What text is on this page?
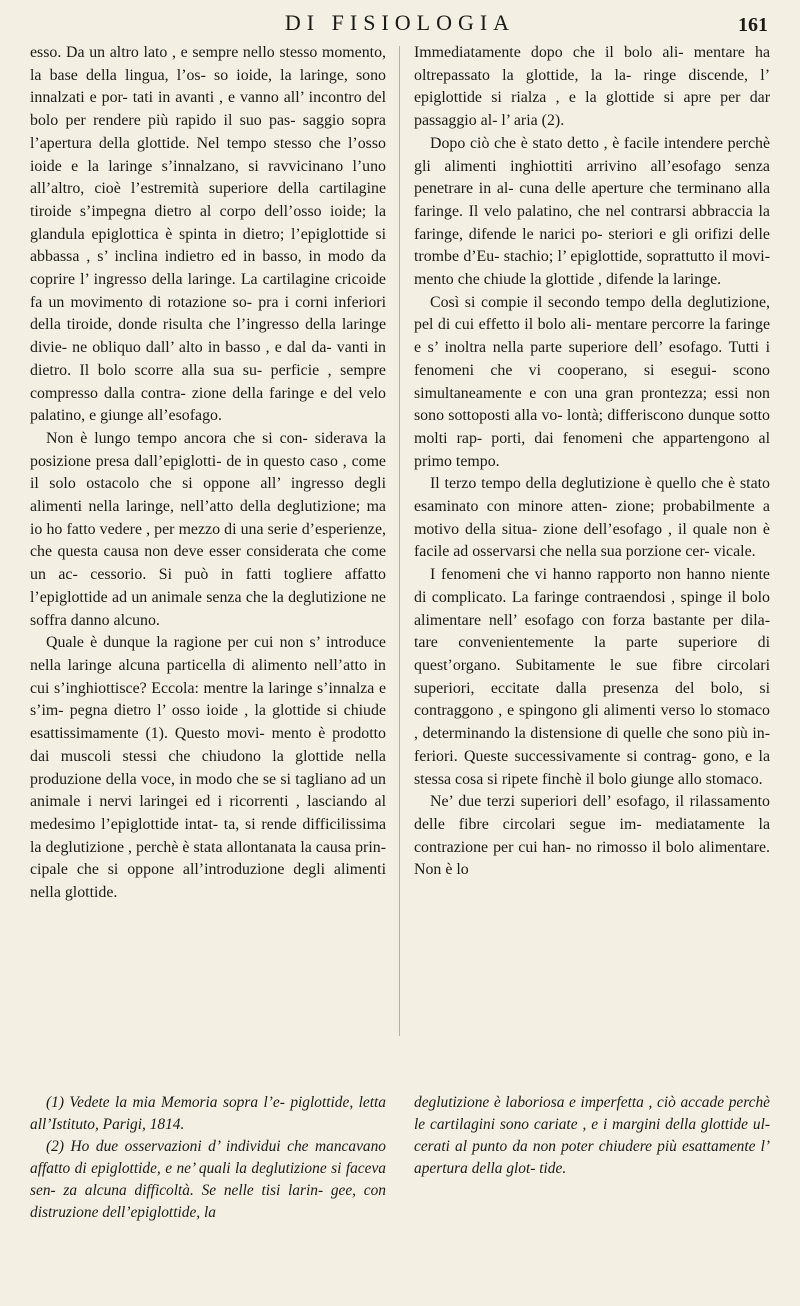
DI FISIOLOGIA	161

esso. Da un altro lato , e sempre nello stesso momento, la base della lingua, l’os- so ioide, la laringe, sono innalzati e por- tati in avanti , e vanno all’ incontro del bolo per rendere più rapido il suo pas- saggio sopra l’apertura della glottide. Nel tempo stesso che l’osso ioide e la laringe s’innalzano, si ravvicinano l’uno all’altro, cioè l’estremità superiore della cartilagine tiroide s’impegna dietro al corpo dell’osso ioide; la glandula epiglottica è spinta in dietro; l’epiglottide si abbassa , s’ inclina indietro ed in basso, in modo da coprire l’ ingresso della laringe. La cartilagine cricoide fa un movimento di rotazione so- pra i corni inferiori della tiroide, donde risulta che l’ingresso della laringe divie- ne obliquo dall’ alto in basso , e dal da- vanti in dietro. Il bolo scorre alla sua su- perficie , sempre compresso dalla contra- zione della faringe e del velo palatino, e giunge all’esofago.

Non è lungo tempo ancora che si con- siderava la posizione presa dall’epiglotti- de in questo caso , come il solo ostacolo che si oppone all’ ingresso degli alimenti nella laringe, nell’atto della deglutizione; ma io ho fatto vedere , per mezzo di una serie d’esperienze, che questa causa non deve esser considerata che come un ac- cessorio. Si può in fatti togliere affatto l’epiglottide ad un animale senza che la deglutizione ne soffra danno alcuno.

Quale è dunque la ragione per cui non s’ introduce nella laringe alcuna particella di alimento nell’atto in cui s’inghiottisce? Eccola: mentre la laringe s’innalza e s’im- pegna dietro l’ osso ioide , la glottide si chiude esattissimamente (1). Questo movi- mento è prodotto dai muscoli stessi che chiudono la glottide nella produzione della voce, in modo che se si tagliano ad un animale i nervi laringei ed i ricorrenti , lasciando al medesimo l’epiglottide intat- ta, si rende difficilissima la deglutizione , perchè è stata allontanata la causa prin- cipale che si oppone all’introduzione degli alimenti nella glottide.

Immediatamente dopo che il bolo ali- mentare ha oltrepassato la glottide, la la- ringe discende, l’ epiglottide si rialza , e la glottide si apre per dar passaggio al- l’ aria (2).

Dopo ciò che è stato detto , è facile intendere perchè gli alimenti inghiottiti arrivino all’esofago senza penetrare in al- cuna delle aperture che terminano alla faringe. Il velo palatino, che nel contrarsi abbraccia la faringe, difende le narici po- steriori e gli orifizi delle trombe d’Eu- stachio; l’ epiglottide, soprattutto il movi- mento che chiude la glottide , difende la laringe.

Così si compie il secondo tempo della deglutizione, pel di cui effetto il bolo ali- mentare percorre la faringe e s’ inoltra nella parte superiore dell’ esofago. Tutti i fenomeni che vi cooperano, si esegui- scono simultaneamente e con una gran prontezza; essi non sono sottoposti alla vo- lontà; differiscono dunque sotto molti rap- porti, dai fenomeni che appartengono al primo tempo.

Il terzo tempo della deglutizione è quello che è stato esaminato con minore atten- zione; probabilmente a motivo della situa- zione dell’esofago , il quale non è facile ad osservarsi che nella sua porzione cer- vicale.

I fenomeni che vi hanno rapporto non hanno niente di complicato. La faringe contraendosi , spinge il bolo alimentare nell’ esofago con forza bastante per dila- tare convenientemente la parte superiore di quest’organo. Subitamente le sue fibre circolari superiori, eccitate dalla presenza del bolo, si contraggono , e spingono gli alimenti verso lo stomaco , determinando la distensione di quelle che sono più in- feriori. Queste successivamente si contrag- gono, e la stessa cosa si ripete finchè il bolo giunge allo stomaco.

Ne’ due terzi superiori dell’ esofago, il rilassamento delle fibre circolari segue im- mediatamente la contrazione per cui han- no rimosso il bolo alimentare. Non è lo

(1) Vedete la mia Memoria sopra l’e- piglottide, letta all’Istituto, Parigi, 1814.

(2) Ho due osservazioni d’ individui che mancavano affatto di epiglottide, e ne’ quali la deglutizione si faceva sen- za alcuna difficoltà. Se nelle tisi larin- gee, con distruzione dell’epiglottide, la

deglutizione è laboriosa e imperfetta , ciò accade perchè le cartilagini sono cariate , e i margini della glottide ul- cerati al punto da non poter chiudere più esattamente l’ apertura della glot- tide.
